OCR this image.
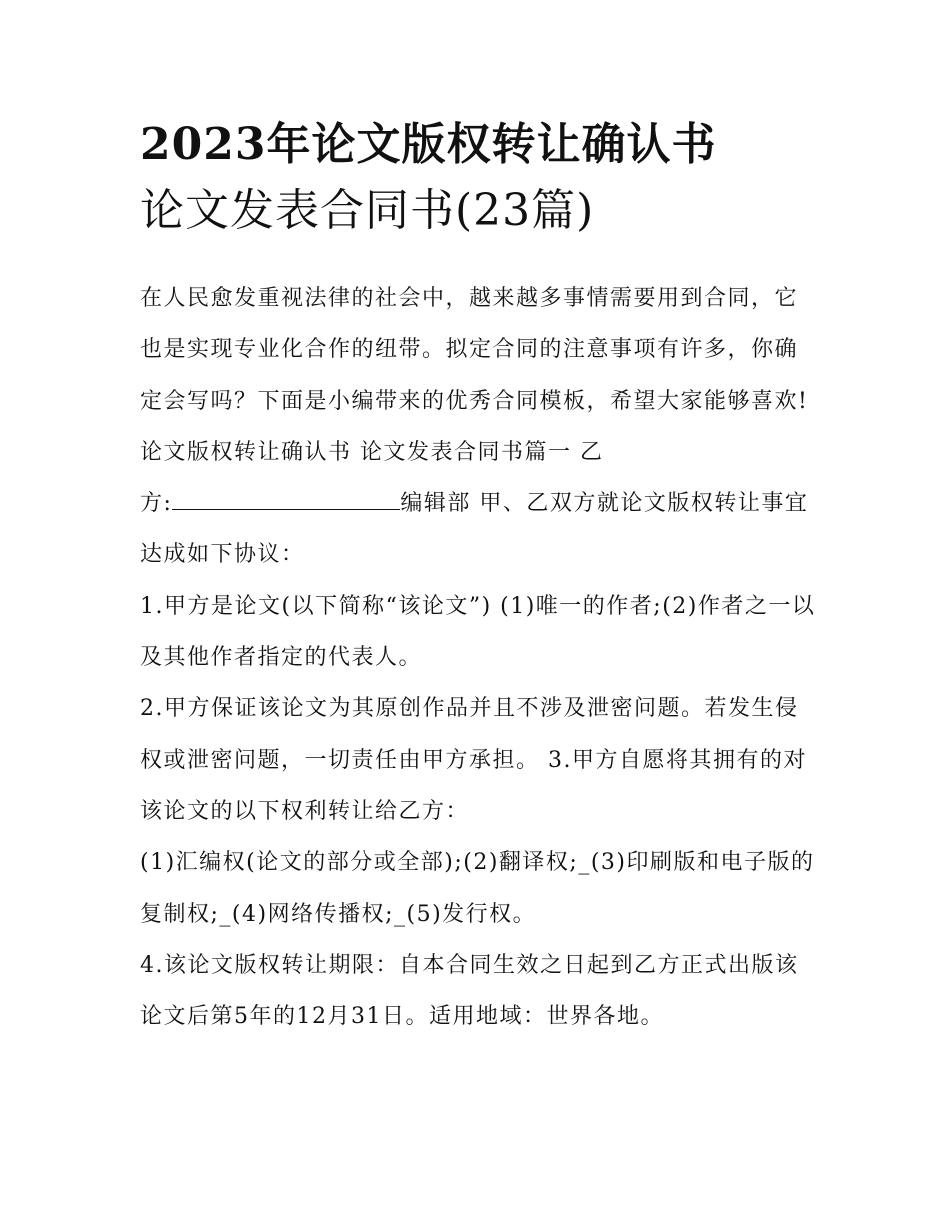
2023年论文版权转让确认书
论文发表合同书(23篇)

在人民愈发重视法律的社会中，越来越多事情需要用到合同，它也是实现专业化合作的纽带。拟定合同的注意事项有许多，你确定会写吗？下面是小编带来的优秀合同模板，希望大家能够喜欢!

论文版权转让确认书 论文发表合同书篇一 乙

方:	编辑部 甲、乙双方就论文版权转让事宜达成如下协议：

1.甲方是论文(以下简称“该论文”) (1)唯一的作者;(2)作者之一以及其他作者指定的代表人。

2.甲方保证该论文为其原创作品并且不涉及泄密问题。若发生侵权或泄密问题，一切责任由甲方承担。 3.甲方自愿将其拥有的对该论文的以下权利转让给乙方：

(1)汇编权(论文的部分或全部);(2)翻译权;_(3)印刷版和电子版的复制权;_(4)网络传播权;_(5)发行权。

4.该论文版权转让期限：自本合同生效之日起到乙方正式出版该论文后第5年的12月31日。适用地域：世界各地。
